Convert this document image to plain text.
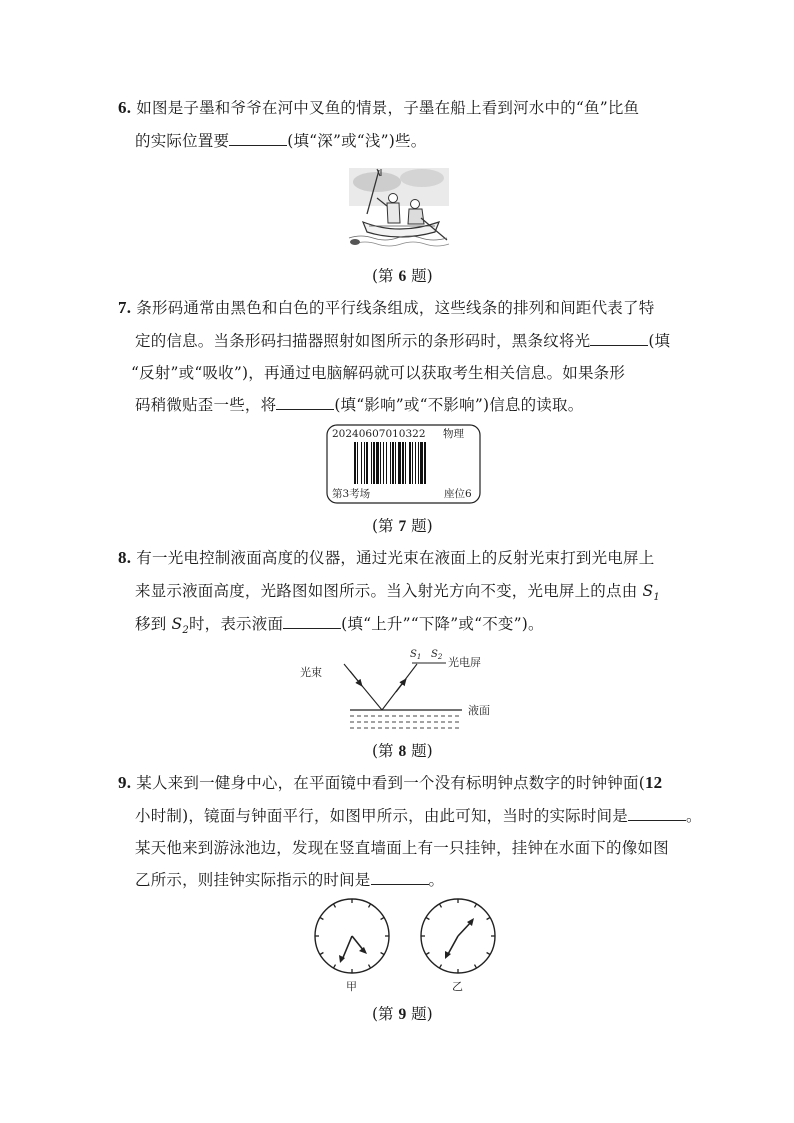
6. 如图是子墨和爷爷在河中叉鱼的情景，子墨在船上看到河水中的“鱼”比鱼
的实际位置要	(填“深”或“浅”)些。
(第 6 题)
7. 条形码通常由黑色和白色的平行线条组成，这些线条的排列和间距代表了特
定的信息。当条形码扫描器照射如图所示的条形码时，黑条纹将光	(填
“反射”或“吸收”)，再通过电脑解码就可以获取考生相关信息。如果条形
码稍微贴歪一些，将	(填“影响”或“不影响”)信息的读取。
20240607010322 物理
第3考场	座位6
(第 7 题)
8. 有一光电控制液面高度的仪器，通过光束在液面上的反射光束打到光电屏上
来显示液面高度，光路图如图所示。当入射光方向不变，光电屏上的点由 $S_1$
移到 $S_2$时，表示液面	(填“上升”“下降”或“不变”)。
光束
$S_1$ $S_2$ 光电屏
液面
(第 8 题)
9. 某人来到一健身中心，在平面镜中看到一个没有标明钟点数字的时钟钟面(12
小时制)，镜面与钟面平行，如图甲所示，由此可知，当时的实际时间是	。
某天他来到游泳池边，发现在竖直墙面上有一只挂钟，挂钟在水面下的像如图
乙所示，则挂钟实际指示的时间是	。
甲	乙
(第 9 题)
